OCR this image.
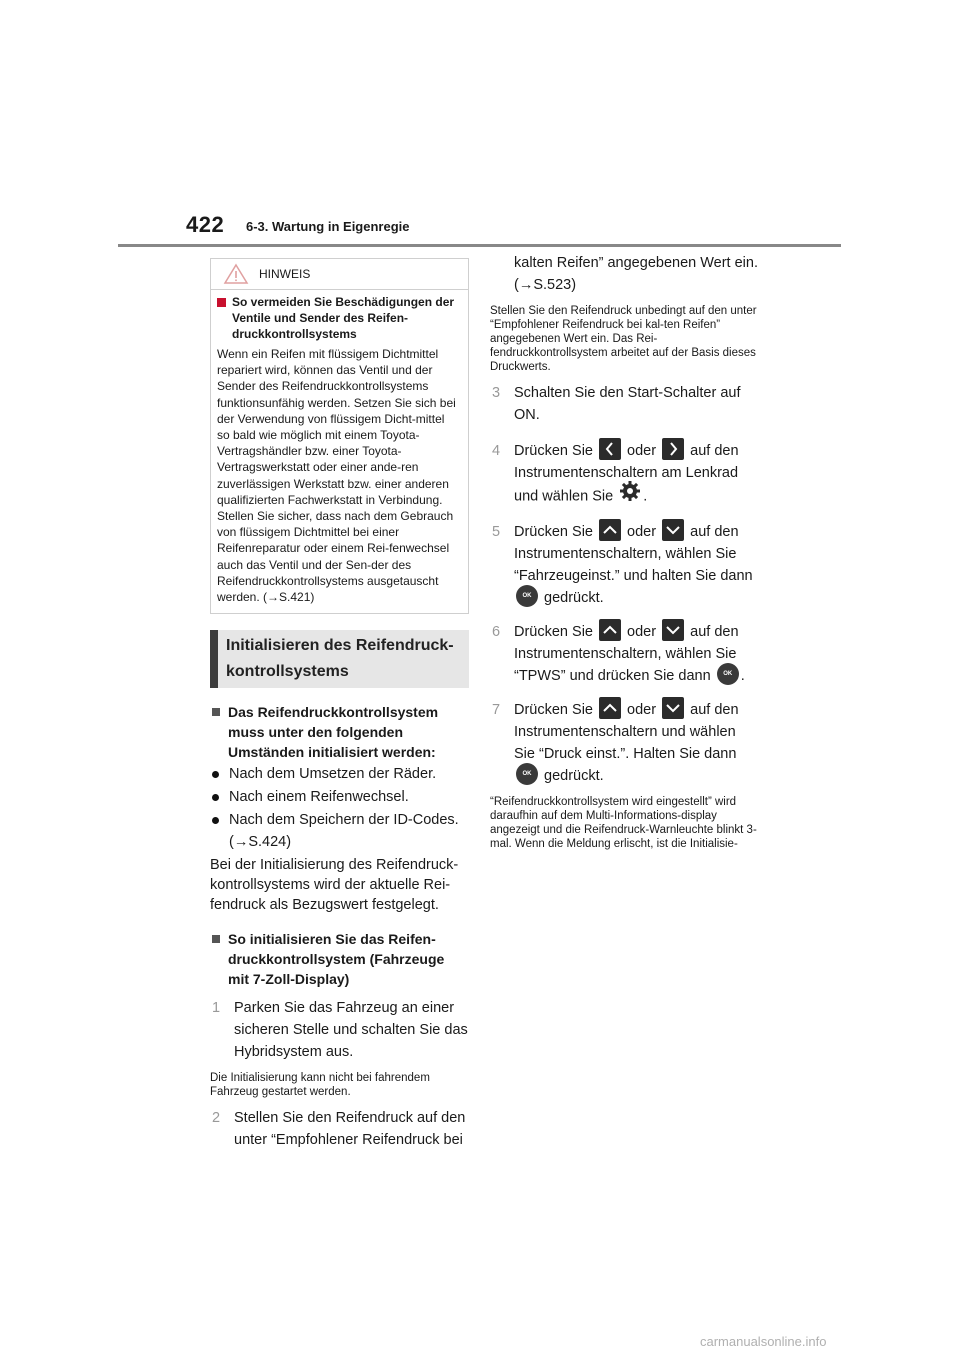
422 6-3. Wartung in Eigenregie
HINWEIS
So vermeiden Sie Beschädigungen der Ventile und Sender des Reifen-druckkontrollsystems
Wenn ein Reifen mit flüssigem Dichtmittel repariert wird, können das Ventil und der Sender des Reifendruckkontrollsystems funktionsunfähig werden. Setzen Sie sich bei der Verwendung von flüssigem Dicht-mittel so bald wie möglich mit einem Toyota-Vertragshändler bzw. einer Toyota-Vertragswerkstatt oder einer ande-ren zuverlässigen Werkstatt bzw. einer anderen qualifizierten Fachwerkstatt in Verbindung. Stellen Sie sicher, dass nach dem Gebrauch von flüssigem Dichtmittel bei einer Reifenreparatur oder einem Rei-fenwechsel auch das Ventil und der Sen-der des Reifendruckkontrollsystems ausgetauscht werden. (→S.421)
Initialisieren des Reifendruck-kontrollsystems
Das Reifendruckkontrollsystem muss unter den folgenden Umständen initialisiert werden:
Nach dem Umsetzen der Räder.
Nach einem Reifenwechsel.
Nach dem Speichern der ID-Codes. (→S.424)
Bei der Initialisierung des Reifendruck-kontrollsystems wird der aktuelle Rei-fendruck als Bezugswert festgelegt.
So initialisieren Sie das Reifen-druckkontrollsystem (Fahrzeuge mit 7-Zoll-Display)
1 Parken Sie das Fahrzeug an einer sicheren Stelle und schalten Sie das Hybridsystem aus.
Die Initialisierung kann nicht bei fahrendem Fahrzeug gestartet werden.
2 Stellen Sie den Reifendruck auf den unter “Empfohlener Reifendruck bei
kalten Reifen” angegebenen Wert ein. (→S.523)
Stellen Sie den Reifendruck unbedingt auf den unter “Empfohlener Reifendruck bei kal-ten Reifen” angegebenen Wert ein. Das Rei-fendruckkontrollsystem arbeitet auf der Basis dieses Druckwerts.
3 Schalten Sie den Start-Schalter auf ON.
4 Drücken Sie oder auf den Instrumentenschaltern am Lenkrad und wählen Sie .
5 Drücken Sie oder auf den Instrumentenschaltern, wählen Sie “Fahrzeugeinst.” und halten Sie dann OK gedrückt.
6 Drücken Sie oder auf den Instrumentenschaltern, wählen Sie “TPWS” und drücken Sie dann OK .
7 Drücken Sie oder auf den Instrumentenschaltern und wählen Sie “Druck einst.”. Halten Sie dann OK gedrückt.
“Reifendruckkontrollsystem wird eingestellt” wird daraufhin auf dem Multi-Informations-display angezeigt und die Reifendruck-Warnleuchte blinkt 3-mal. Wenn die Meldung erlischt, ist die Initialisie-
carmanualsonline.info
